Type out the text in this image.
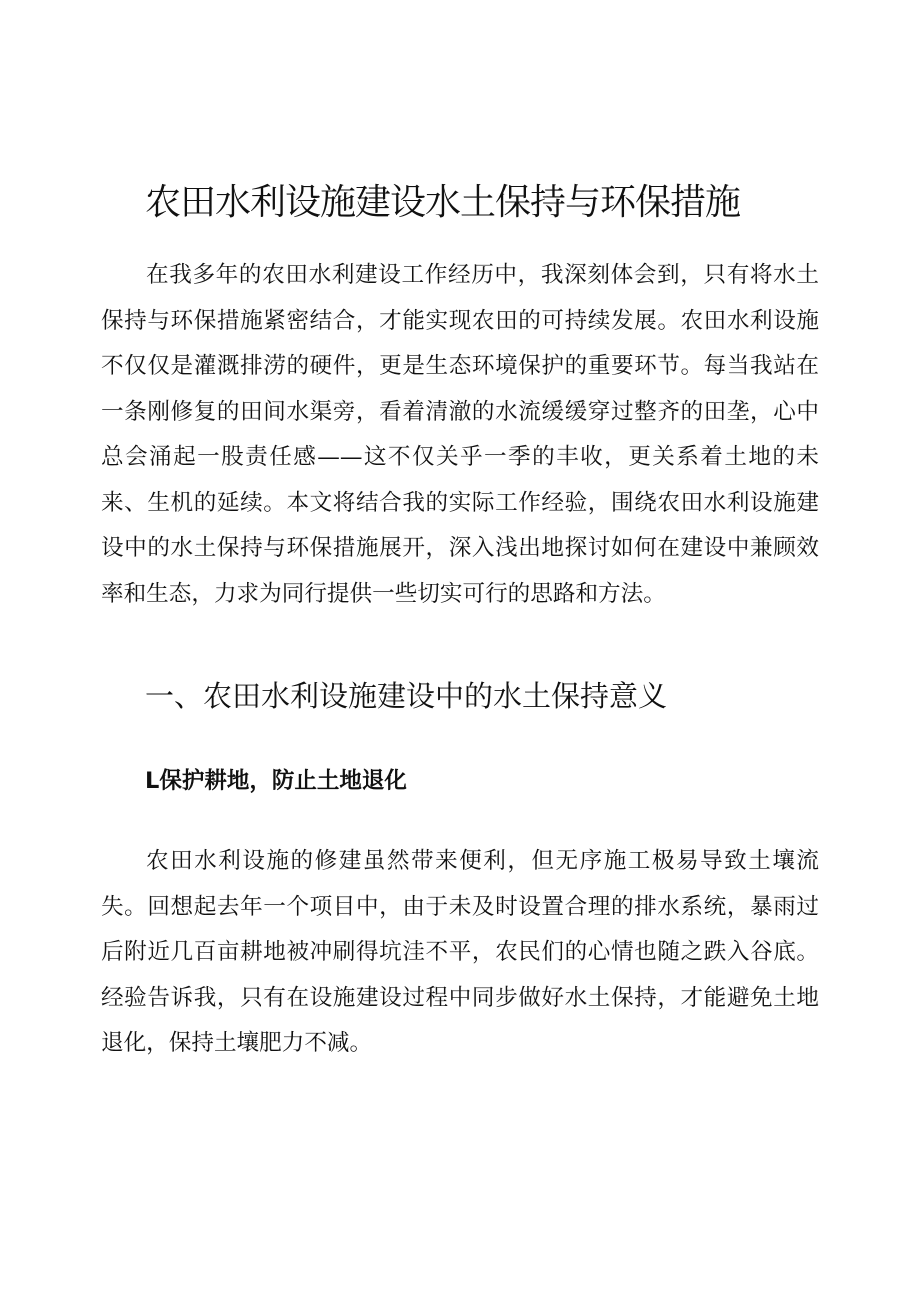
农田水利设施建设水土保持与环保措施

在我多年的农田水利建设工作经历中，我深刻体会到，只有将水土保持与环保措施紧密结合，才能实现农田的可持续发展。农田水利设施不仅仅是灌溉排涝的硬件，更是生态环境保护的重要环节。每当我站在一条刚修复的田间水渠旁，看着清澈的水流缓缓穿过整齐的田垄，心中总会涌起一股责任感——这不仅关乎一季的丰收，更关系着土地的未来、生机的延续。本文将结合我的实际工作经验，围绕农田水利设施建设中的水土保持与环保措施展开，深入浅出地探讨如何在建设中兼顾效率和生态，力求为同行提供一些切实可行的思路和方法。

一、农田水利设施建设中的水土保持意义
L保护耕地，防止土地退化

农田水利设施的修建虽然带来便利，但无序施工极易导致土壤流失。回想起去年一个项目中，由于未及时设置合理的排水系统，暴雨过后附近几百亩耕地被冲刷得坑洼不平，农民们的心情也随之跌入谷底。经验告诉我，只有在设施建设过程中同步做好水土保持，才能避免土地退化，保持土壤肥力不减。
